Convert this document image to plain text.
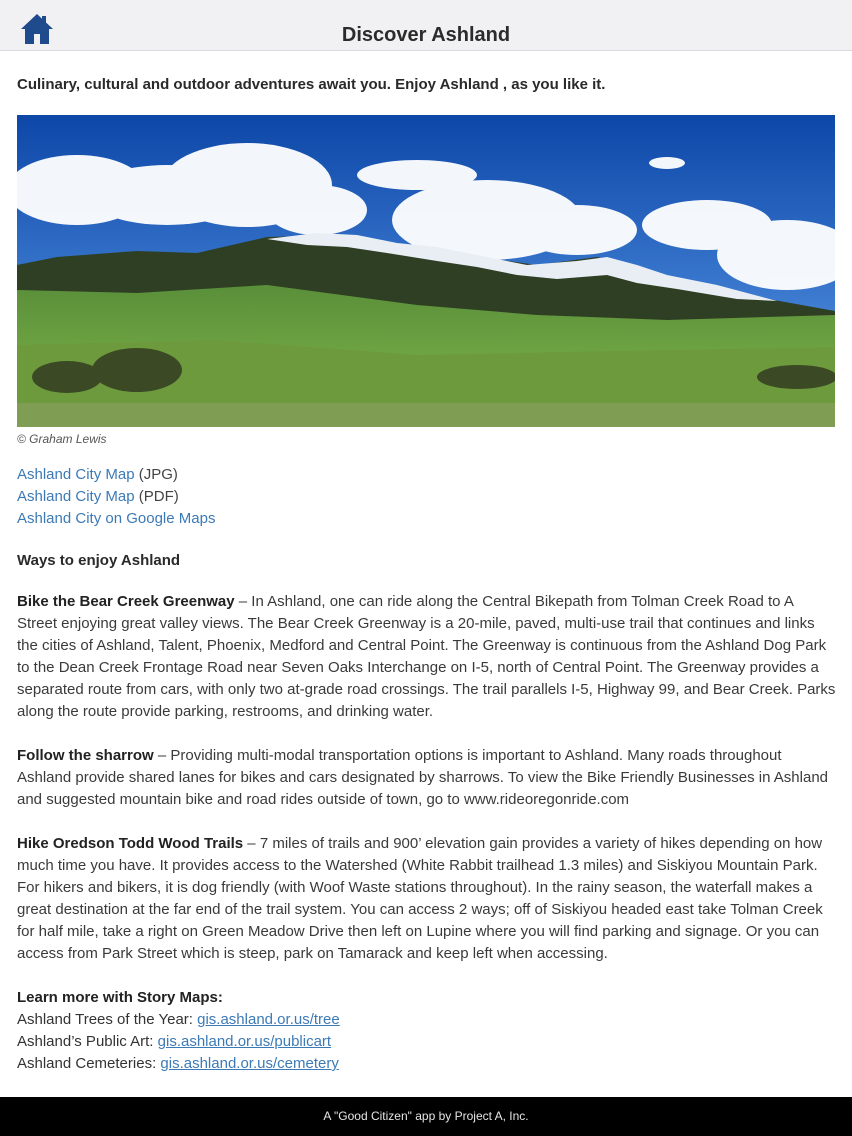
Discover Ashland
Culinary, cultural and outdoor adventures await you. Enjoy Ashland , as you like it.
© Graham Lewis
Ashland City Map (JPG)
Ashland City Map (PDF)
Ashland City on Google Maps
Ways to enjoy Ashland
Bike the Bear Creek Greenway – In Ashland, one can ride along the Central Bikepath from Tolman Creek Road to A Street enjoying great valley views. The Bear Creek Greenway is a 20-mile, paved, multi-use trail that continues and links the cities of Ashland, Talent, Phoenix, Medford and Central Point. The Greenway is continuous from the Ashland Dog Park to the Dean Creek Frontage Road near Seven Oaks Interchange on I-5, north of Central Point. The Greenway provides a separated route from cars, with only two at-grade road crossings. The trail parallels I-5, Highway 99, and Bear Creek. Parks along the route provide parking, restrooms, and drinking water.
Follow the sharrow – Providing multi-modal transportation options is important to Ashland. Many roads throughout Ashland provide shared lanes for bikes and cars designated by sharrows. To view the Bike Friendly Businesses in Ashland and suggested mountain bike and road rides outside of town, go to www.rideoregonride.com
Hike Oredson Todd Wood Trails – 7 miles of trails and 900’ elevation gain provides a variety of hikes depending on how much time you have. It provides access to the Watershed (White Rabbit trailhead 1.3 miles) and Siskiyou Mountain Park. For hikers and bikers, it is dog friendly (with Woof Waste stations throughout). In the rainy season, the waterfall makes a great destination at the far end of the trail system. You can access 2 ways; off of Siskiyou headed east take Tolman Creek for half mile, take a right on Green Meadow Drive then left on Lupine where you will find parking and signage. Or you can access from Park Street which is steep, park on Tamarack and keep left when accessing.
Learn more with Story Maps:
Ashland Trees of the Year: gis.ashland.or.us/tree
Ashland’s Public Art: gis.ashland.or.us/publicart
Ashland Cemeteries: gis.ashland.or.us/cemetery
A "Good Citizen" app by Project A, Inc.
